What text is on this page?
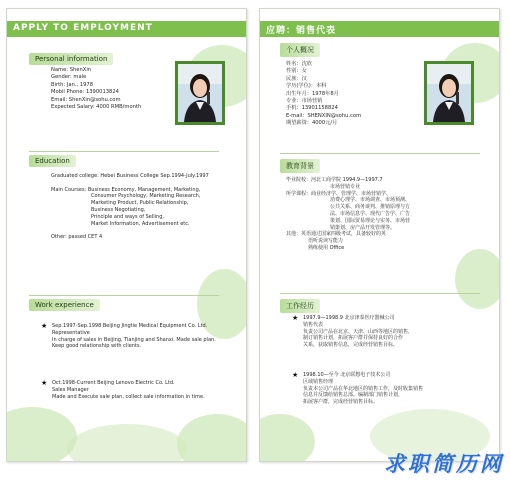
APPLY TO EMPLOYMENT
Personal information
Name: ShenXin
Gender: male
Birth: Jan., 1978
Mobil Phone: 1390013824
Email: ShenXin@sohu.com
Expected Salary: 4000 RMB/month
Education
Graduated college: Hebei Business College Sep.1994-July.1997

Main Courses: Business Economy, Management, Marketing,
Consumer Psychology, Marketing Research,
Marketing Product, Public Relationship,
Business Negotiating,
Principle and ways of Selling,
Market Information, Advertisement etc.

Other: passed CET 4
Work experience
★ Sep.1997-Sep.1998 Beijing Jingtie Medical Equipment Co. Ltd.
Representative
In charge of sales in Beijing, Tianjing and Shanxi. Made sale plan.
Keep good relationship with clients.
★ Oct.1998-Current Beijing Lenovo Electric Co. Ltd.
Sales Manager
Made and Execute sale plan, collect sale information in time.
应聘：销售代表
个人概况
姓名：沈欣
性别：女
民族：汉
学历(学位)：本科
出生年月：1978年8月
专业：市场营销
手机：13901158824
E-mail：SHENXIN@sohu.com
期望薪资：4000元/月
教育背景
毕业院校：河北工商学院 1994.9—1997.7
市场营销专业
所学课程：商业经济学、管理学、市场营销学、
消费心理学、市场调查、市场预测、
公共关系、商务谈判、推销原理与方
法、市场信息学、现代广告学、广告
策划、国际贸易理论与实务、市场营
销策划、房产品开发管理等。
其他：英语通过国家四级考试，具备较好的英
语听说读写能力
熟练使用 Office
工作经历
★ 1997.9—1998.9 北京津泰医疗器械公司
销售代表
负责公司产品在北京、天津、山西等地区的销售，
制订销售计划，拓展客户群并保持良好的合作
关系，获取销售信息，完成经营销售目标。
★ 1998.10—至今 北京联想电子技术公司
区域销售经理
负责本公司产品在华北地区的销售工作，及时收集销售
信息并反馈给销售总部。编制部门销售计划，
拓展客户群，完成经营销售目标。
求职简历网
